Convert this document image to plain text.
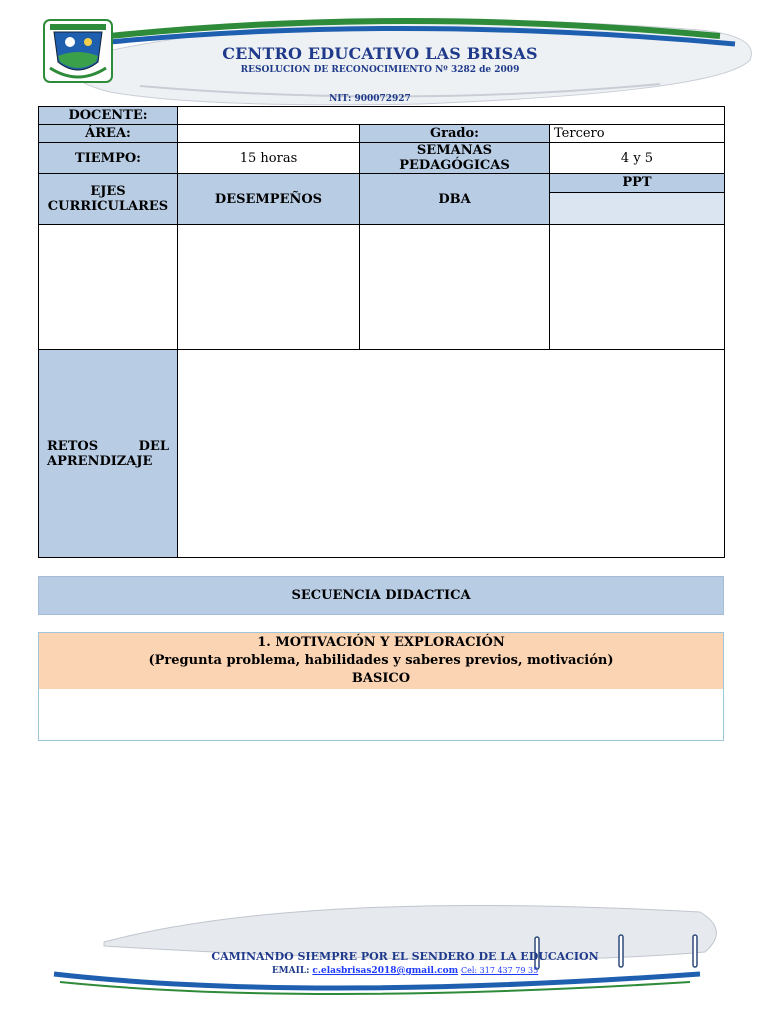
CENTRO EDUCATIVO LAS BRISAS
RESOLUCION DE RECONOCIMIENTO Nº 3282 de 2009
NIT: 900072927
DOCENTE:			
ÁREA:		Grado:	Tercero
TIEMPO:	15 horas	SEMANAS PEDAGÓGICAS	4 y 5
EJES CURRICULARES	DESEMPEÑOS	DBA	PPT

RETOS DEL APRENDIZAJE			
SECUENCIA DIDACTICA
1. MOTIVACIÓN Y EXPLORACIÓN
(Pregunta problema, habilidades y saberes previos, motivación)
BASICO
CAMINANDO SIEMPRE POR EL SENDERO DE LA EDUCACION
EMAIL: c.elasbrisas2018@gmail.com Cel: 317 437 79 35
